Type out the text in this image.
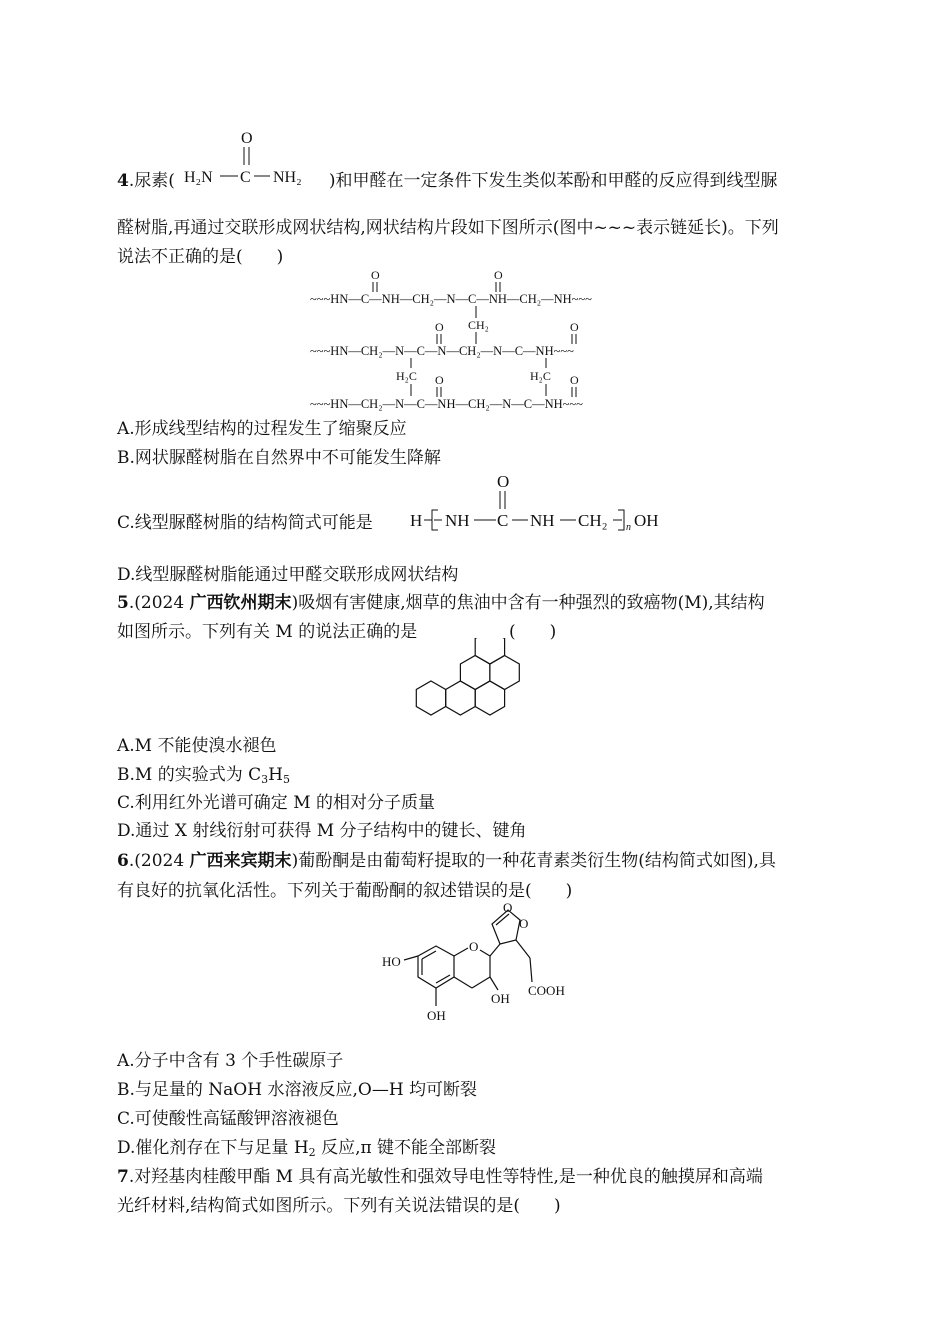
4.尿素(	)和甲醛在一定条件下发生类似苯酚和甲醛的反应得到线型脲
O
H₂N C NH₂
醛树脂,再通过交联形成网状结构,网状结构片段如下图所示(图中~~~表示链延长)。下列
说法不正确的是(　　)
~~~HN—C—NH—CH₂—N—C—NH—CH₂—NH~~~
~~~HN—CH₂—N—C—N—CH₂—N—C—NH~~~
~~~HN—CH₂—N—C—NH—CH₂—N—C—NH~~~
O	O
O	O
O	O
CH₂
H₂C	H₂C
A.形成线型结构的过程发生了缩聚反应
B.网状脲醛树脂在自然界中不可能发生降解
C.线型脲醛树脂的结构简式可能是 H NH
O
C NH CH₂ n OH
D.线型脲醛树脂能通过甲醛交联形成网状结构
5.(2024 广西钦州期末)吸烟有害健康,烟草的焦油中含有一种强烈的致癌物(M),其结构
如图所示。下列有关 M 的说法正确的是	(　　)
A.M 不能使溴水褪色
B.M 的实验式为 $C_3H_5$
C.利用红外光谱可确定 M 的相对分子质量
D.通过 X 射线衍射可获得 M 分子结构中的键长、键角
6.(2024 广西来宾期末)葡酚酮是由葡萄籽提取的一种花青素类衍生物(结构简式如图),具
有良好的抗氧化活性。下列关于葡酚酮的叙述错误的是(　　)
O
HO
OH
OH
O
O
COOH
A.分子中含有 3 个手性碳原子
B.与足量的 NaOH 水溶液反应,O—H 均可断裂
C.可使酸性高锰酸钾溶液褪色
D.催化剂存在下与足量 $H_2$ 反应,π 键不能全部断裂
7.对羟基肉桂酸甲酯 M 具有高光敏性和强效导电性等特性,是一种优良的触摸屏和高端
光纤材料,结构简式如图所示。下列有关说法错误的是(　　)
